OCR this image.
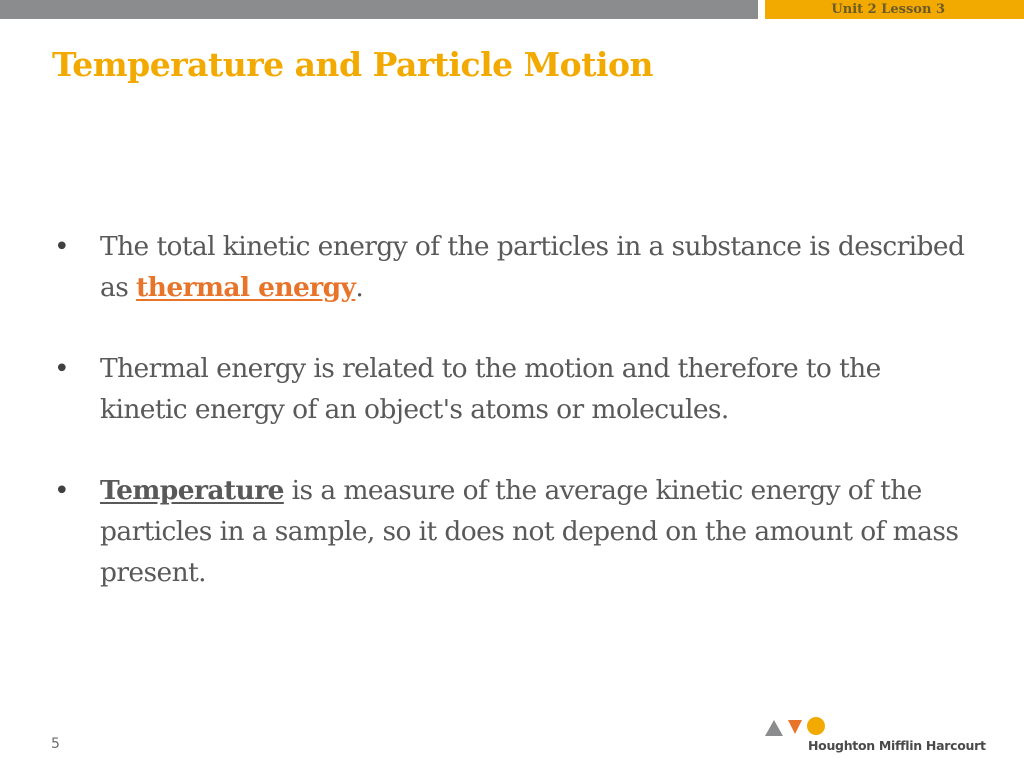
Unit 2 Lesson 3
Temperature and Particle Motion
•	The total kinetic energy of the particles in a substance is described as thermal energy.
•	Thermal energy is related to the motion and therefore to the kinetic energy of an object's atoms or molecules.
•	Temperature is a measure of the average kinetic energy of the particles in a sample, so it does not depend on the amount of mass present.
5	Houghton Mifflin Harcourt
